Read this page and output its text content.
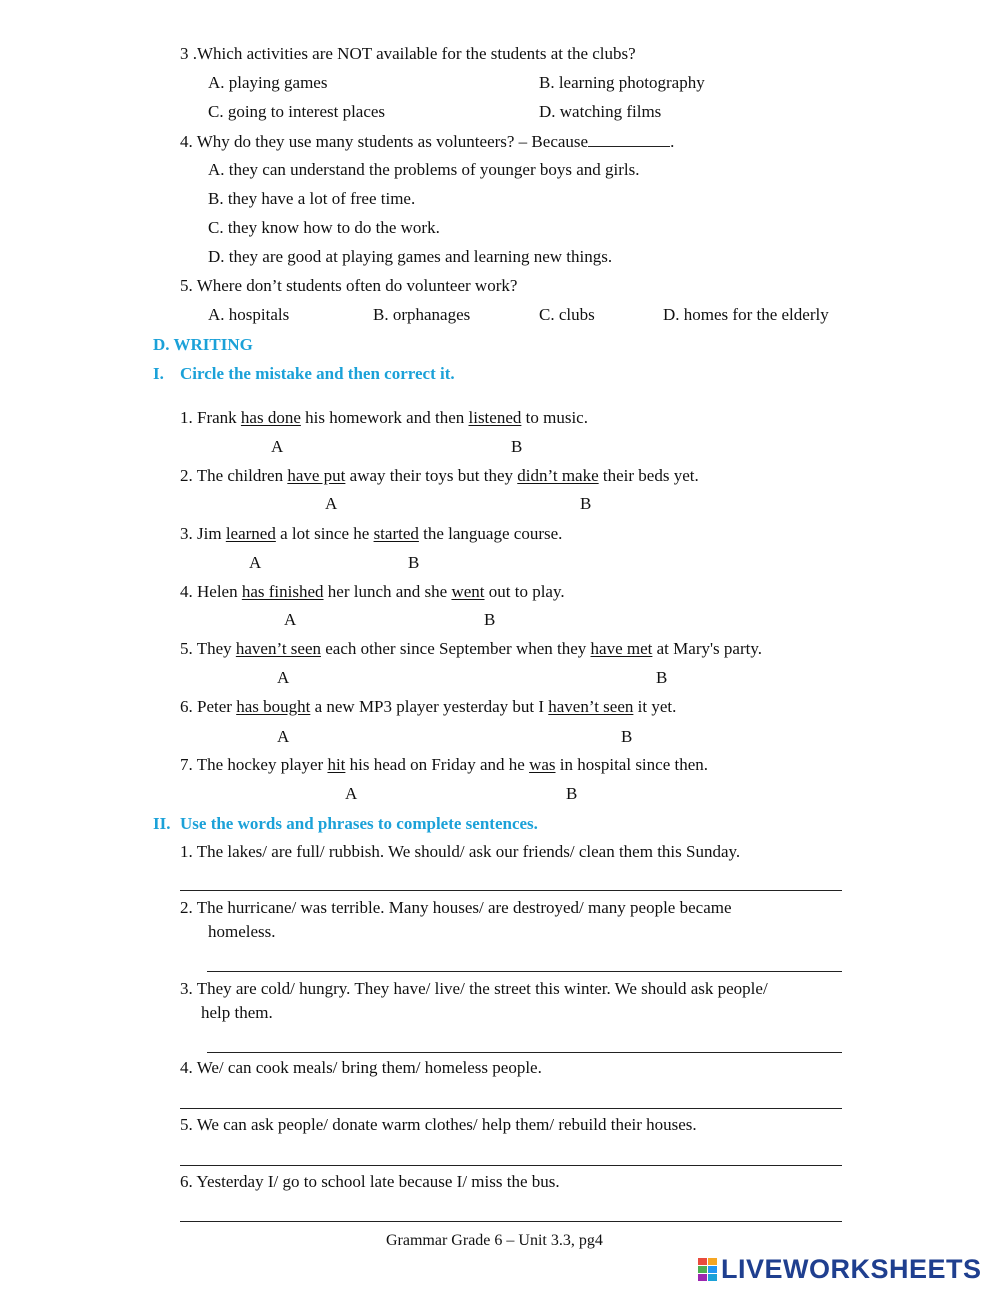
3 .Which activities are NOT available for the students at the clubs?
A. playing games	B. learning photography
C. going to interest places	D. watching films
4. Why do they use many students as volunteers? – Because	.
A. they can understand the problems of younger boys and girls.
B. they have a lot of free time.
C. they know how to do the work.
D. they are good at playing games and learning new things.
5. Where don’t students often do volunteer work?
A. hospitals	B. orphanages	C. clubs	D. homes for the elderly
D. WRITING
I. Circle the mistake and then correct it.
1. Frank has done his homework and then listened to music.
A	B
2. The children have put away their toys but they didn’t make their beds yet.
A	B
3. Jim learned a lot since he started the language course.
A	B
4. Helen has finished her lunch and she went out to play.
A	B
5. They haven’t seen each other since September when they have met at Mary's party.
A	B
6. Peter has bought a new MP3 player yesterday but I haven’t seen it yet.
A	B
7. The hockey player hit his head on Friday and he was in hospital since then.
A	B
II. Use the words and phrases to complete sentences.
1. The lakes/ are full/ rubbish. We should/ ask our friends/ clean them this Sunday.
2. The hurricane/ was terrible. Many houses/ are destroyed/ many people became
homeless.
3. They are cold/ hungry. They have/ live/ the street this winter. We should ask people/
help them.
4. We/ can cook meals/ bring them/ homeless people.
5. We can ask people/ donate warm clothes/ help them/ rebuild their houses.
6. Yesterday I/ go to school late because I/ miss the bus.
Grammar Grade 6 – Unit 3.3, pg4
LIVEWORKSHEETS
